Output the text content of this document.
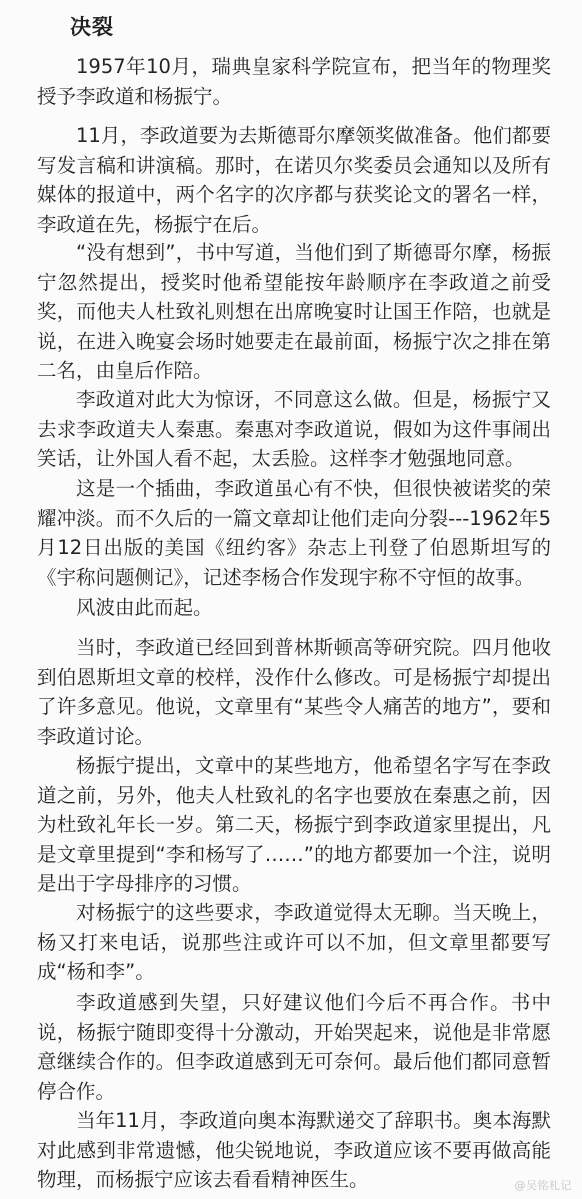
决裂

1957年10月，瑞典皇家科学院宣布，把当年的物理奖授予李政道和杨振宁。

11月，李政道要为去斯德哥尔摩领奖做准备。他们都要写发言稿和讲演稿。那时，在诺贝尔奖委员会通知以及所有媒体的报道中，两个名字的次序都与获奖论文的署名一样，李政道在先，杨振宁在后。

“没有想到”，书中写道，当他们到了斯德哥尔摩，杨振宁忽然提出，授奖时他希望能按年龄顺序在李政道之前受奖，而他夫人杜致礼则想在出席晚宴时让国王作陪，也就是说，在进入晚宴会场时她要走在最前面，杨振宁次之排在第二名，由皇后作陪。

李政道对此大为惊讶，不同意这么做。但是，杨振宁又去求李政道夫人秦惠。秦惠对李政道说，假如为这件事闹出笑话，让外国人看不起，太丢脸。这样李才勉强地同意。

这是一个插曲，李政道虽心有不快，但很快被诺奖的荣耀冲淡。而不久后的一篇文章却让他们走向分裂---1962年5月12日出版的美国《纽约客》杂志上刊登了伯恩斯坦写的《宇称问题侧记》，记述李杨合作发现宇称不守恒的故事。

风波由此而起。

当时，李政道已经回到普林斯顿高等研究院。四月他收到伯恩斯坦文章的校样，没作什么修改。可是杨振宁却提出了许多意见。他说，文章里有“某些令人痛苦的地方”，要和李政道讨论。

杨振宁提出，文章中的某些地方，他希望名字写在李政道之前，另外，他夫人杜致礼的名字也要放在秦惠之前，因为杜致礼年长一岁。第二天，杨振宁到李政道家里提出，凡是文章里提到“李和杨写了……”的地方都要加一个注，说明是出于字母排序的习惯。

对杨振宁的这些要求，李政道觉得太无聊。当天晚上，杨又打来电话，说那些注或许可以不加，但文章里都要写成“杨和李”。

李政道感到失望，只好建议他们今后不再合作。书中说，杨振宁随即变得十分激动，开始哭起来，说他是非常愿意继续合作的。但李政道感到无可奈何。最后他们都同意暂停合作。

当年11月，李政道向奥本海默递交了辞职书。奥本海默对此感到非常遗憾，他尖锐地说，李政道应该不要再做高能物理，而杨振宁应该去看看精神医生。	@吴铭札记
